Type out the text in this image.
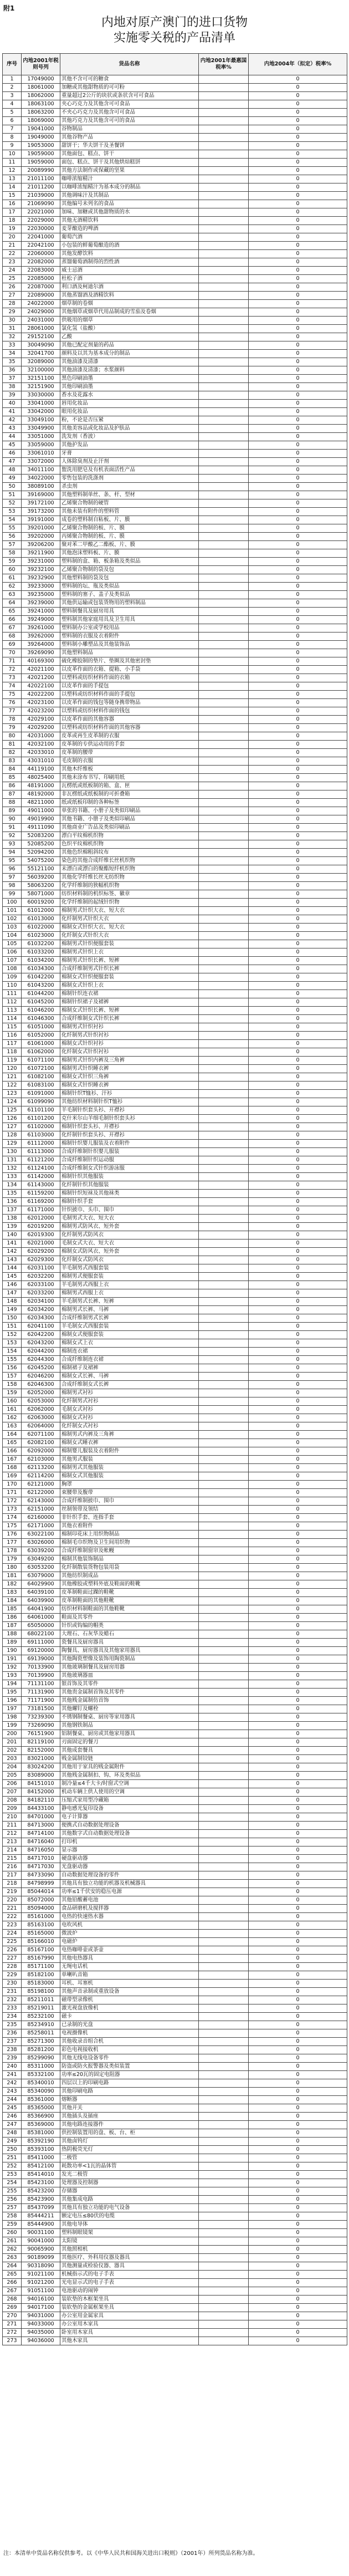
附1
内地对原产澳门的进口货物
实施零关税的产品清单
序号	内地2001年税则号列	货品名称	内地2001年最惠国税率%	内地2004年（拟定）税率%
1	17049000	其他不含可可的糖食		0
2	18061000	加糖或其他甜物质的可可粉		0
3	18062000	重量超过2公斤的块状或条状含可可食品		0
4	18063100	夹心巧克力及其他含可可食品		0
5	18063200	不夹心巧克力及其他含可可食品		0
6	18069000	其他巧克力及其他含可可的食品		0
7	19041000	谷物制品		0
8	19049000	其他谷物产品		0
9	19053000	甜饼干；华夫饼干及圣餐饼		0
10	19059000	其他面包、糕点、饼干		0
11	19059000	面包、糕点、饼干及其他烘焙糕饼		0
12	20089990	其他方法制作或保藏的坚果		0
13	21011100	咖啡浓缩精汁		0
14	21011200	以咖啡浓缩精汁为基本成分的制品		0
15	21039000	其他调味汁及其制品		0
16	21069090	其他编号未列名的食品		0
17	22021000	加味、加糖或其他甜物质的水		0
18	22029000	其他无酒精饮料		0
19	22030000	麦芽酿造的啤酒		0
20	22041000	葡萄汽酒		0
21	22042100	小包装的鲜葡萄酿造的酒		0
22	22060000	其他发酵饮料		0
23	22082000	蒸馏葡萄酒制得的烈性酒		0
24	22083000	威士忌酒		0
25	22085000	杜松子酒		0
26	22087000	利口酒及柯迪尔酒		0
27	22089000	其他蒸馏酒及酒精饮料		0
28	24022000	烟草制的卷烟		0
29	24029000	其他烟草或烟草代用品制成的雪茄及卷烟		0
30	24031000	供吸用的烟草		0
31	28061000	氯化氢（盐酸）		0
32	29152100	乙酸		0
33	30049090	其他已配定剂量的药品		0
34	32041700	颜料及以其为基本成分的制品		0
35	32089000	其他油漆及清漆		0
36	32100000	其他油漆及清漆；水浆颜料		0
37	32151100	黑色印刷油墨		0
38	32151900	其他印刷油墨		0
39	33030000	香水及花露水		0
40	33041000	唇用化妆品		0
41	33042000	眼用化妆品		0
42	33049100	粉，不论是否压紧		0
43	33049900	其他美容品或化妆品及护肤品		0
44	33051000	洗发剂（香波）		0
45	33059000	其他护发品		0
46	33061010	牙膏		0
47	33072000	人体除臭剂及止汗剂		0
48	34011100	盥洗用肥皂及有机表面活性产品		0
49	34022000	零售包装的洗涤剂		0
50	38089100	杀虫剂		0
51	39169000	其他塑料制单丝、条、杆、型材		0
52	39172100	乙烯聚合物制的硬管		0
53	39173200	其他未装有附件的塑料管		0
54	39191000	成卷的塑料制自粘板、片、膜		0
55	39201000	乙烯聚合物制的板、片、膜		0
56	39202000	丙烯聚合物制的板、片、膜		0
57	39206200	聚对苯二甲酸乙二酯板、片、膜		0
58	39211900	其他泡沫塑料板、片、膜		0
59	39231000	塑料制的盒、箱、板条箱及类似品		0
60	39232100	乙烯聚合物制的袋及包		0
61	39232900	其他塑料制的袋及包		0
62	39233000	塑料制的坛、瓶及类似品		0
63	39235000	塑料制的塞子、盖子及类似品		0
64	39239000	其他供运输或包装货物用的塑料制品		0
65	39241000	塑料制餐具及厨房用具		0
66	39249000	塑料制其他家庭用具及卫生用具		0
67	39261000	塑料制办公室或学校用品		0
68	39262000	塑料制的衣服及衣着附件		0
69	39264000	塑料制小雕塑品及其他装饰品		0
70	39269090	其他塑料制品		0
71	40169300	硫化橡胶制的垫片、垫圈及其他密封垫		0
72	42021100	以皮革作面的衣箱、提箱、小手袋		0
73	42021200	以塑料或纺织材料作面的衣箱		0
74	42022100	以皮革作面的手提包		0
75	42022200	以塑料或纺织材料作面的手提包		0
76	42023100	以皮革作面的钱包等随身携带物品		0
77	42023200	以塑料或纺织材料作面的钱包		0
78	42029100	以皮革作面的其他容器		0
79	42029200	以塑料或纺织材料作面的其他容器		0
80	42031000	皮革或再生皮革制的衣服		0
81	42032100	皮革制的专供运动用的手套		0
82	42033010	皮革制的腰带		0
83	43031010	毛皮制的衣服		0
84	44119100	其他木纤维板		0
85	48025400	其他未涂布书写、印刷用纸		0
86	48191000	瓦楞纸或纸板制的箱、盒、匣		0
87	48192000	非瓦楞纸或纸板制的可折叠箱		0
88	48211000	纸或纸板印制的各种标签		0
89	49011000	单张的书籍、小册子及类似印刷品		0
90	49019900	其他书籍、小册子及类似印刷品		0
91	49111090	其他商业广告品及类似印刷品		0
92	52083200	漂白平纹棉机织物		0
93	52085200	色织平纹棉机织物		0
94	52094200	其他色织棉粗斜纹布		0
95	54075200	染色的其他合成纤维长丝机织物		0
96	55121100	未漂白或漂白的聚酯短纤机织物		0
97	56039200	其他化学纤维长丝无纺织物		0
98	58063200	化学纤维制的狭幅机织物		0
99	58071000	纺织材料制的机织标签、徽章		0
100	60019200	化学纤维制的起绒针织物		0
101	61012000	棉制男式针织大衣、短大衣		0
102	61013000	化纤制男式针织大衣		0
103	61022000	棉制女式针织大衣、短大衣		0
104	61023000	化纤制女式针织大衣		0
105	61032200	棉制男式针织便服套装		0
106	61033200	棉制男式针织上衣		0
107	61034200	棉制男式针织长裤、短裤		0
108	61034300	合成纤维制男式针织长裤		0
109	61042200	棉制女式针织便服套装		0
110	61043200	棉制女式针织上衣		0
111	61044200	棉制针织连衣裙		0
112	61045200	棉制针织裙子及裙裤		0
113	61046200	棉制女式针织长裤、短裤		0
114	61046300	合成纤维制女式针织长裤		0
115	61051000	棉制男式针织衬衫		0
116	61052000	化纤制男式针织衬衫		0
117	61061000	棉制女式针织衬衫		0
118	61062000	化纤制女式针织衬衫		0
119	61071100	棉制男式针织内裤及三角裤		0
120	61072100	棉制男式针织睡衣裤		0
121	61082100	棉制女式针织三角裤		0
122	61083100	棉制女式针织睡衣裤		0
123	61091000	棉制针织T恤衫、汗衫		0
124	61099090	其他纺织材料制针织T恤衫		0
125	61101100	羊毛制针织套头衫、开襟衫		0
126	61101200	克什米尔山羊细毛制针织套头衫		0
127	61102000	棉制针织套头衫、开襟衫		0
128	61103000	化纤制针织套头衫、开襟衫		0
129	61112000	棉制针织婴儿服装及衣着附件		0
130	61113000	合成纤维制针织婴儿服装		0
131	61121200	合成纤维制针织运动服		0
132	61124100	合成纤维制女式针织游泳服		0
133	61142000	棉制针织其他服装		0
134	61143000	化纤制针织其他服装		0
135	61159200	棉制针织短袜及其他袜类		0
136	61169200	棉制针织手套		0
137	61171000	针织披巾、头巾、围巾		0
138	62012000	毛制男式大衣、短大衣		0
139	62019200	棉制男式防风衣、短外套		0
140	62019300	化纤制男式防风衣		0
141	62021000	毛制女式大衣、短大衣		0
142	62029200	棉制女式防风衣、短外套		0
143	62029300	化纤制女式防风衣		0
144	62031100	羊毛制男式西服套装		0
145	62032200	棉制男式便服套装		0
146	62033100	羊毛制男式西服上衣		0
147	62033200	棉制男式西服上衣		0
148	62034100	羊毛制男式长裤、短裤		0
149	62034200	棉制男式长裤、马裤		0
150	62034300	合成纤维制男式长裤		0
151	62041100	羊毛制女式西服套装		0
152	62042200	棉制女式便服套装		0
153	62043200	棉制女式上衣		0
154	62044200	棉制连衣裙		0
155	62044300	合成纤维制连衣裙		0
156	62045200	棉制裙子及裙裤		0
157	62046200	棉制女式长裤、马裤		0
158	62046300	合成纤维制女式长裤		0
159	62052000	棉制男式衬衫		0
160	62053000	化纤制男式衬衫		0
161	62062000	毛制女式衬衫		0
162	62063000	棉制女式衬衫		0
163	62064000	化纤制女式衬衫		0
164	62071100	棉制男式内裤及三角裤		0
165	62082100	棉制女式睡衣裤		0
166	62092000	棉制婴儿服装及衣着附件		0
167	62103000	其他男式服装		0
168	62113200	棉制男式其他服装		0
169	62114200	棉制女式其他服装		0
170	62121000	胸罩		0
171	62122000	束腰带及腹带		0
172	62143000	合成纤维制披巾、围巾		0
173	62151000	丝制领带及领结		0
174	62160000	非针织手套、连指手套		0
175	62171000	其他衣着附件		0
176	63022100	棉制印花床上用织物制品		0
177	63026000	棉制毛巾织物及卫生间用织物		0
178	63039200	合成纤维制窗帘及帐幔		0
179	63049200	棉制其他装饰制品		0
180	63053200	化纤制散装货物包装用袋		0
181	63079000	其他纺织制成品		0
182	64029900	其他橡胶或塑料外底及鞋面的鞋靴		0
183	64039100	皮革制鞋面过踝的鞋靴		0
184	64039900	皮革制鞋面的其他鞋靴		0
185	64041900	纺织材料制鞋面的其他鞋靴		0
186	64061000	鞋面及其零件		0
187	65050000	针织或钩编的帽类		0
188	68022100	大理石、石灰华及蜡石		0
189	69111000	瓷餐具及厨房器具		0
190	69120000	陶餐具、厨房器具及其他家用器具		0
191	69139000	其他陶瓷塑像及装饰用陶瓷制品		0
192	70133900	其他玻璃制餐具及厨房用器		0
193	70139900	其他玻璃器皿		0
194	71131100	银首饰及其零件		0
195	71131900	其他贵金属制首饰及其零件		0
196	71171900	其他贱金属制仿首饰		0
197	73181500	其他螺钉及螺栓		0
198	73239300	不锈钢制餐桌、厨房等家用器具		0
199	73269090	其他钢铁制品		0
200	76151900	铝制餐桌、厨房或其他家用器具		0
201	82119100	刃面固定的餐刀		0
202	82152000	其他成套餐具		0
203	83021000	贱金属制铰链		0
204	83024200	其他用于家具的贱金属附件		0
205	83089000	其他贱金属制扣、钩、环及类似品		0
206	84151010	制冷量≤4千大卡/时窗式空调		0
207	84152000	机动车辆上供人使用的空调		0
208	84182110	压缩式家用型冷藏箱		0
209	84433100	静电感光复印设备		0
210	84701000	电子计算器		0
211	84713000	便携式自动数据处理设备		0
212	84714100	其他数字式自动数据处理设备		0
213	84716040	打印机		0
214	84716050	显示器		0
215	84717010	硬盘驱动器		0
216	84717030	光盘驱动器		0
217	84733090	自动数据处理设备的零件		0
218	84798999	其他具有独立功能的机器及机械器具		0
219	85044014	功率≤1千伏安的稳压电源		0
220	85072000	其他铅酸蓄电池		0
221	85094000	食品研磨机及搅拌器		0
222	85161000	电热的快速热水器		0
223	85163100	电吹风机		0
224	85165000	微波炉		0
225	85166010	电磁炉		0
226	85167100	电热咖啡壶或茶壶		0
227	85167990	其他电热器具		0
228	85171100	无绳电话机		0
229	85182100	单喇叭音箱		0
230	85183000	耳机、耳塞机		0
231	85198100	其他声音录制或重放设备		0
232	85211011	磁带型录像机		0
233	85219011	激光视盘放像机		0
234	85232100	磁卡		0
235	85234910	已录制的光盘		0
236	85258011	电视摄像机		0
237	85271300	其他收录音组合机		0
238	85281200	彩色电视接收机		0
239	85299090	其他无线电设备零件		0
240	85311000	防盗或防火报警器及类似装置		0
241	85332100	功率≤20瓦的固定电阻器		0
242	85340010	四层以上的印刷电路		0
243	85340090	其他印刷电路		0
244	85361000	熔断器		0
245	85365000	其他开关		0
246	85366900	其他插头及插座		0
247	85369000	其他电路连接器件		0
248	85381000	供控制装置用的盘、板、台、柜		0
249	85392190	其他卤钨灯		0
250	85393100	热阴极荧光灯		0
251	85411000	二极管		0
252	85412100	耗散功率<1瓦的晶体管		0
253	85414010	发光二极管		0
254	85423100	处理器及控制器		0
255	85423200	存储器		0
256	85423900	其他集成电路		0
257	85437099	其他具有独立功能的电气设备		0
258	85444211	额定电压≤80伏的电缆		0
259	85444900	其他电导体		0
260	90031100	塑料制眼镜架		0
261	90041000	太阳镜		0
262	90065900	其他照相机		0
263	90189099	其他医疗、外科用仪器及器具		0
264	90318090	其他测量或检验仪器、器具		0
265	91021100	机械指示式的电子手表		0
266	91021200	光电显示式的电子手表		0
267	91051100	电池驱动的闹钟		0
268	94016100	装软垫的木框架坐具		0
269	94017100	装软垫的金属框架坐具		0
270	94031000	办公室用金属家具		0
271	94033000	办公室用木家具		0
272	94035000	卧室用木家具		0
273	94036000	其他木家具		0
注：本清单中货品名称仅供参考。以《中华人民共和国海关进出口税则》（2001年）所列货品名称为准。
